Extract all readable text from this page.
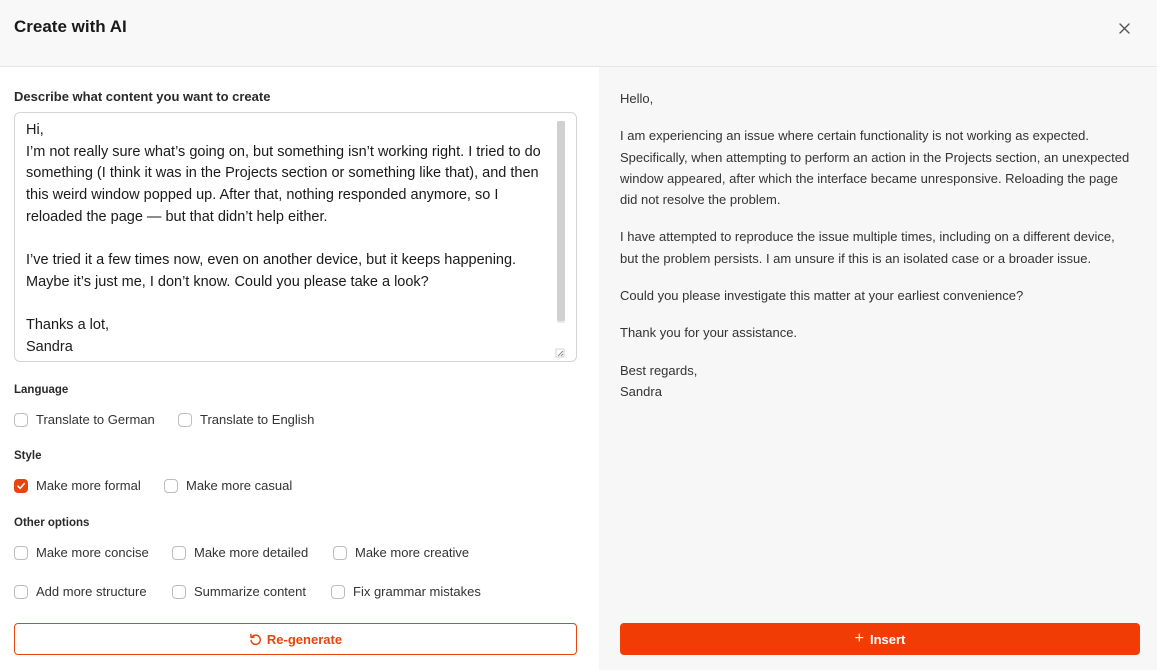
Create with AI
Describe what content you want to create
Hi,
I’m not really sure what’s going on, but something isn’t working right. I tried to do something (I think it was in the Projects section or something like that), and then this weird window popped up. After that, nothing responded anymore, so I reloaded the page — but that didn’t help either.

I’ve tried it a few times now, even on another device, but it keeps happening. Maybe it’s just me, I don’t know. Could you please take a look?

Thanks a lot,
Sandra
Language
Translate to German	Translate to English
Style
Make more formal	Make more casual
Other options
Make more concise	Make more detailed	Make more creative
Add more structure	Summarize content	Fix grammar mistakes
Re-generate

Hello,

I am experiencing an issue where certain functionality is not working as expected. Specifically, when attempting to perform an action in the Projects section, an unexpected window appeared, after which the interface became unresponsive. Reloading the page did not resolve the problem.

I have attempted to reproduce the issue multiple times, including on a different device, but the problem persists. I am unsure if this is an isolated case or a broader issue.

Could you please investigate this matter at your earliest convenience?

Thank you for your assistance.

Best regards,
Sandra

+ Insert
